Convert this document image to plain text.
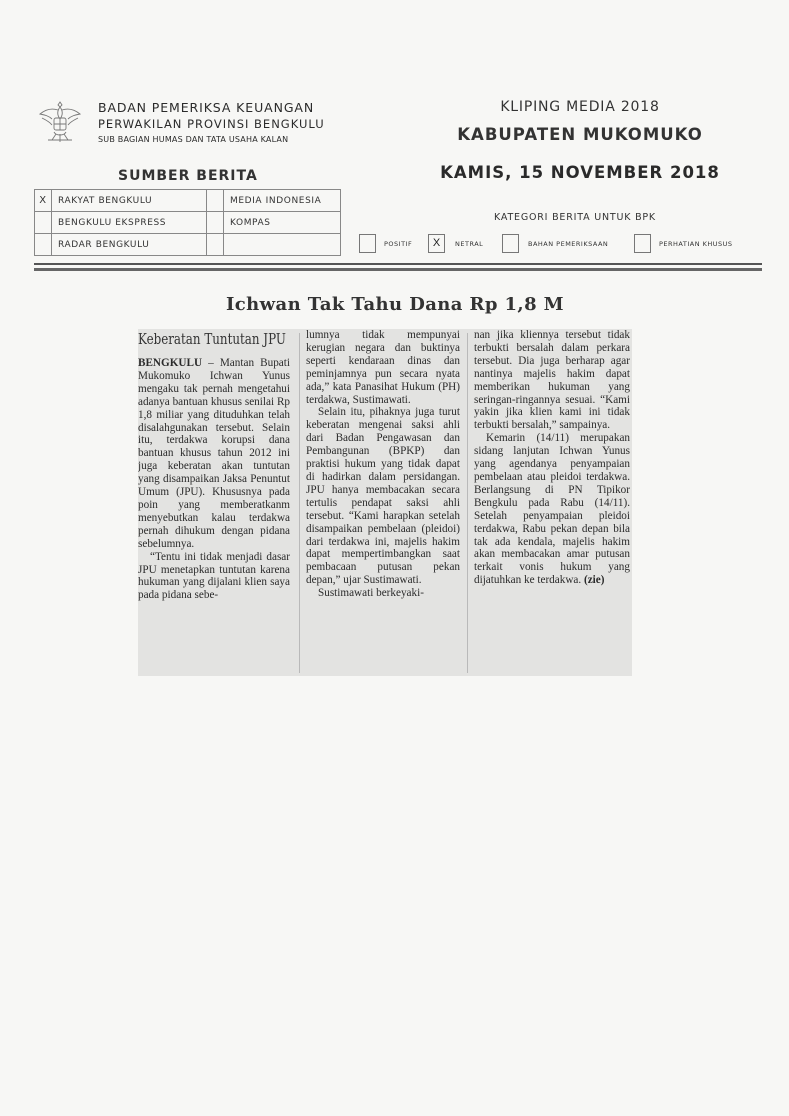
BADAN PEMERIKSA KEUANGAN
PERWAKILAN PROVINSI BENGKULU
SUB BAGIAN HUMAS DAN TATA USAHA KALAN
KLIPING MEDIA 2018
KABUPATEN MUKOMUKO
KAMIS, 15 NOVEMBER 2018
SUMBER BERITA
X	RAKYAT BENGKULU		MEDIA INDONESIA
	BENGKULU EKSPRESS		KOMPAS
	RADAR BENGKULU		
KATEGORI BERITA UNTUK BPK
POSITIF	X	NETRAL	BAHAN PEMERIKSAAN	PERHATIAN KHUSUS
Ichwan Tak Tahu Dana Rp 1,8 M
Keberatan Tuntutan JPU

BENGKULU – Mantan Bupati Mukomuko Ichwan Yunus mengaku tak pernah mengetahui adanya bantuan khusus senilai Rp 1,8 miliar yang dituduhkan telah disalahgunakan tersebut. Selain itu, terdakwa korupsi dana bantuan khusus tahun 2012 ini juga keberatan akan tuntutan yang disampaikan Jaksa Penuntut Umum (JPU). Khususnya pada poin yang memberatkanm menyebutkan kalau terdakwa pernah dihukum dengan pidana sebelumnya.

“Tentu ini tidak menjadi dasar JPU menetapkan tuntutan karena hukuman yang dijalani klien saya pada pidana sebe-

lumnya tidak mempunyai kerugian negara dan buktinya seperti kendaraan dinas dan peminjamnya pun secara nyata ada,” kata Panasihat Hukum (PH) terdakwa, Sustimawati.

Selain itu, pihaknya juga turut keberatan mengenai saksi ahli dari Badan Pengawasan dan Pembangunan (BPKP) dan praktisi hukum yang tidak dapat di hadirkan dalam persidangan. JPU hanya membacakan secara tertulis pendapat saksi ahli tersebut. “Kami harapkan setelah disampaikan pembelaan (pleidoi) dari terdakwa ini, majelis hakim dapat mempertimbangkan saat pembacaan putusan pekan depan,” ujar Sustimawati.

Sustimawati berkeyaki-

nan jika kliennya tersebut tidak terbukti bersalah dalam perkara tersebut. Dia juga berharap agar nantinya majelis hakim dapat memberikan hukuman yang seringan-ringannya sesuai. “Kami yakin jika klien kami ini tidak terbukti bersalah,” sampainya.

Kemarin (14/11) merupakan sidang lanjutan Ichwan Yunus yang agendanya penyampaian pembelaan atau pleidoi terdakwa. Berlangsung di PN Tipikor Bengkulu pada Rabu (14/11). Setelah penyampaian pleidoi terdakwa, Rabu pekan depan bila tak ada kendala, majelis hakim akan membacakan amar putusan terkait vonis hukum yang dijatuhkan ke terdakwa. (zie)
